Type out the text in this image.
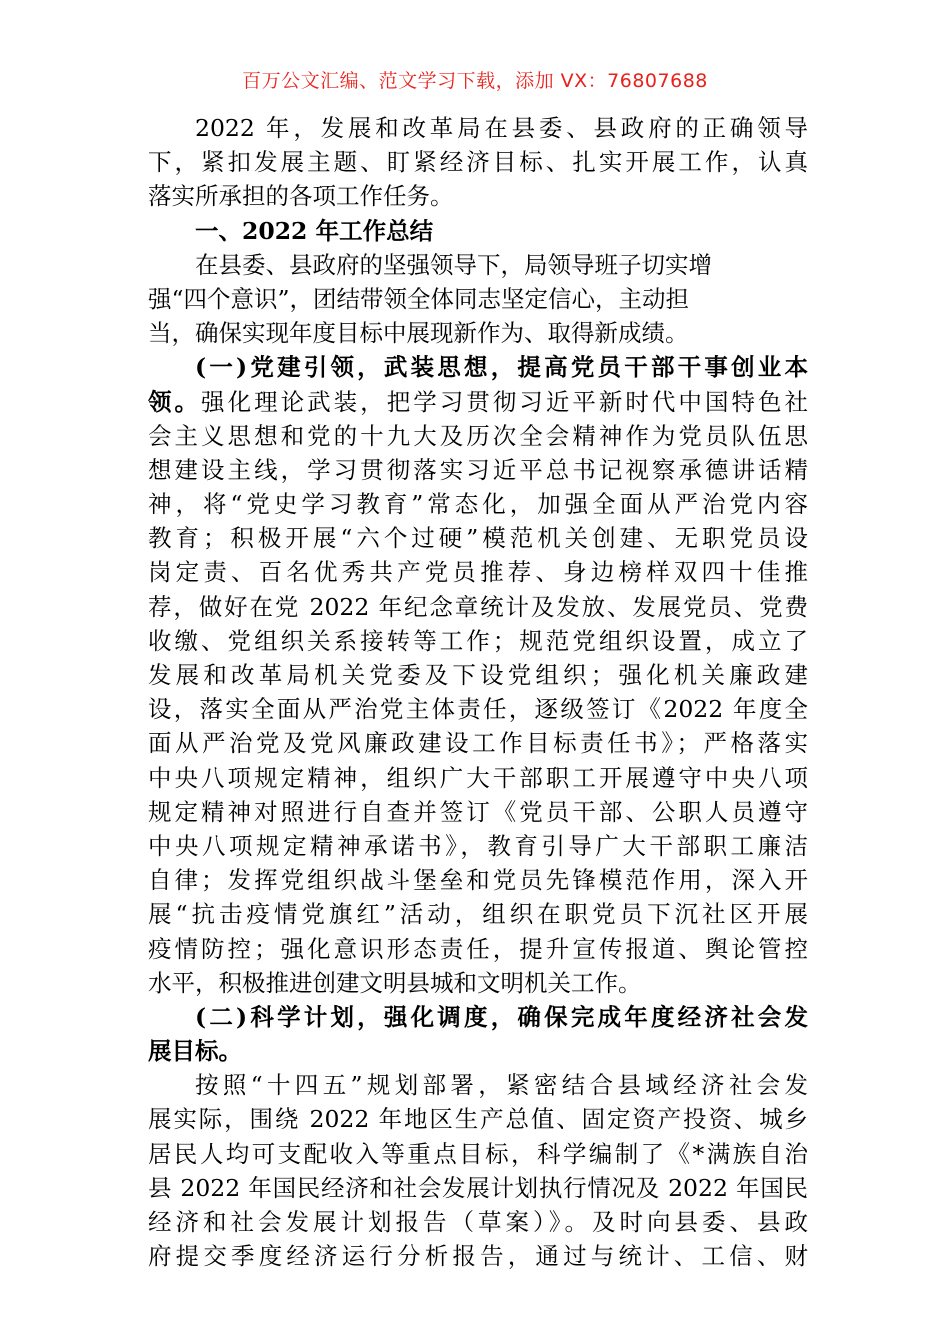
百万公文汇编、范文学习下载，添加 VX：76807688
2022 年，发展和改革局在县委、县政府的正确领导
下，紧扣发展主题、盯紧经济目标、扎实开展工作，认真
落实所承担的各项工作任务。
一、2022 年工作总结
在县委、县政府的坚强领导下，局领导班子切实增
强“四个意识”，团结带领全体同志坚定信心，主动担
当，确保实现年度目标中展现新作为、取得新成绩。
(一)党建引领，武装思想，提高党员干部干事创业本
领。强化理论武装，把学习贯彻习近平新时代中国特色社
会主义思想和党的十九大及历次全会精神作为党员队伍思
想建设主线，学习贯彻落实习近平总书记视察承德讲话精
神，将“党史学习教育”常态化，加强全面从严治党内容
教育；积极开展“六个过硬”模范机关创建、无职党员设
岗定责、百名优秀共产党员推荐、身边榜样双四十佳推
荐，做好在党 2022 年纪念章统计及发放、发展党员、党费
收缴、党组织关系接转等工作；规范党组织设置，成立了
发展和改革局机关党委及下设党组织；强化机关廉政建
设，落实全面从严治党主体责任，逐级签订《2022 年度全
面从严治党及党风廉政建设工作目标责任书》；严格落实
中央八项规定精神，组织广大干部职工开展遵守中央八项
规定精神对照进行自查并签订《党员干部、公职人员遵守
中央八项规定精神承诺书》，教育引导广大干部职工廉洁
自律；发挥党组织战斗堡垒和党员先锋模范作用，深入开
展“抗击疫情党旗红”活动，组织在职党员下沉社区开展
疫情防控；强化意识形态责任，提升宣传报道、舆论管控
水平，积极推进创建文明县城和文明机关工作。
(二)科学计划，强化调度，确保完成年度经济社会发
展目标。
按照“十四五”规划部署，紧密结合县域经济社会发
展实际，围绕 2022 年地区生产总值、固定资产投资、城乡
居民人均可支配收入等重点目标，科学编制了《*满族自治
县 2022 年国民经济和社会发展计划执行情况及 2022 年国民
经济和社会发展计划报告（草案）》。及时向县委、县政
府提交季度经济运行分析报告，通过与统计、工信、财
